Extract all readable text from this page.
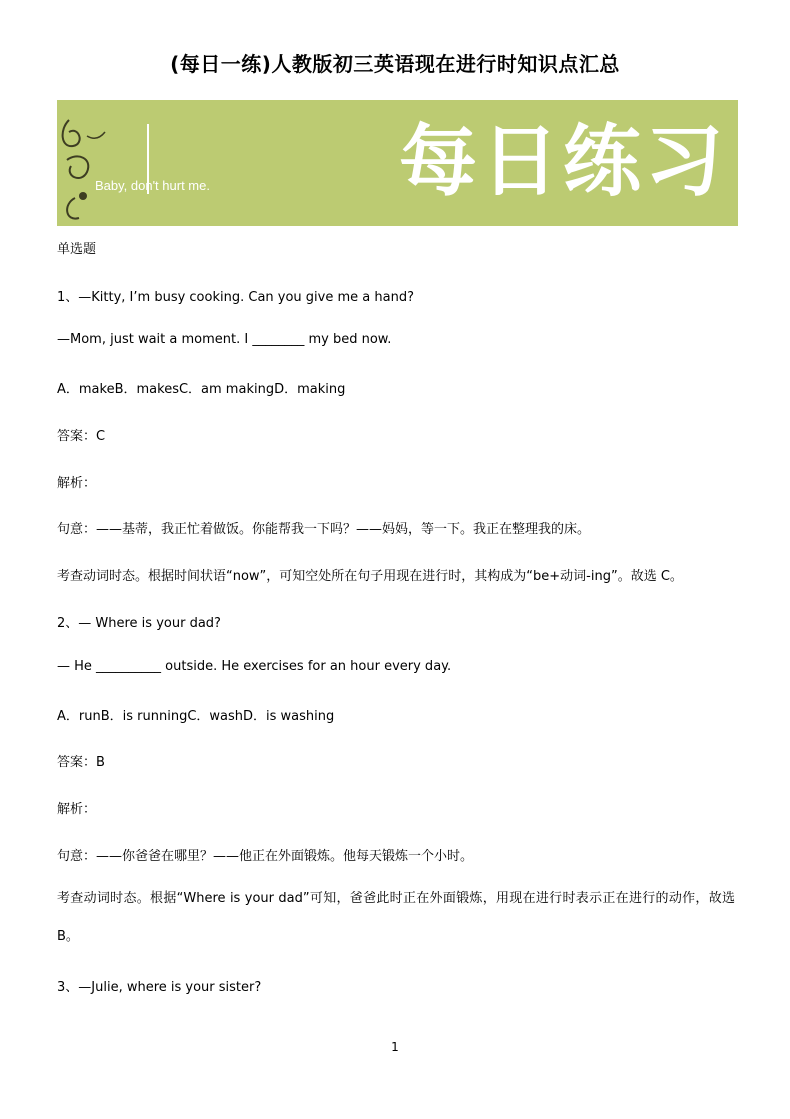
(每日一练)人教版初三英语现在进行时知识点汇总
Baby, don't hurt me. 每日练习
单选题
1、—Kitty, I’m busy cooking. Can you give me a hand?
—Mom, just wait a moment. I ________ my bed now.
A．makeB．makesC．am makingD．making
答案：C
解析：
句意：——基蒂，我正忙着做饭。你能帮我一下吗？——妈妈，等一下。我正在整理我的床。
考查动词时态。根据时间状语“now”，可知空处所在句子用现在进行时，其构成为“be+动词-ing”。故选 C。
2、— Where is your dad?
— He __________ outside. He exercises for an hour every day.
A．runB．is runningC．washD．is washing
答案：B
解析：
句意：——你爸爸在哪里？——他正在外面锻炼。他每天锻炼一个小时。
考查动词时态。根据“Where is your dad”可知，爸爸此时正在外面锻炼，用现在进行时表示正在进行的动作，故选 B。
3、—Julie, where is your sister?
1
